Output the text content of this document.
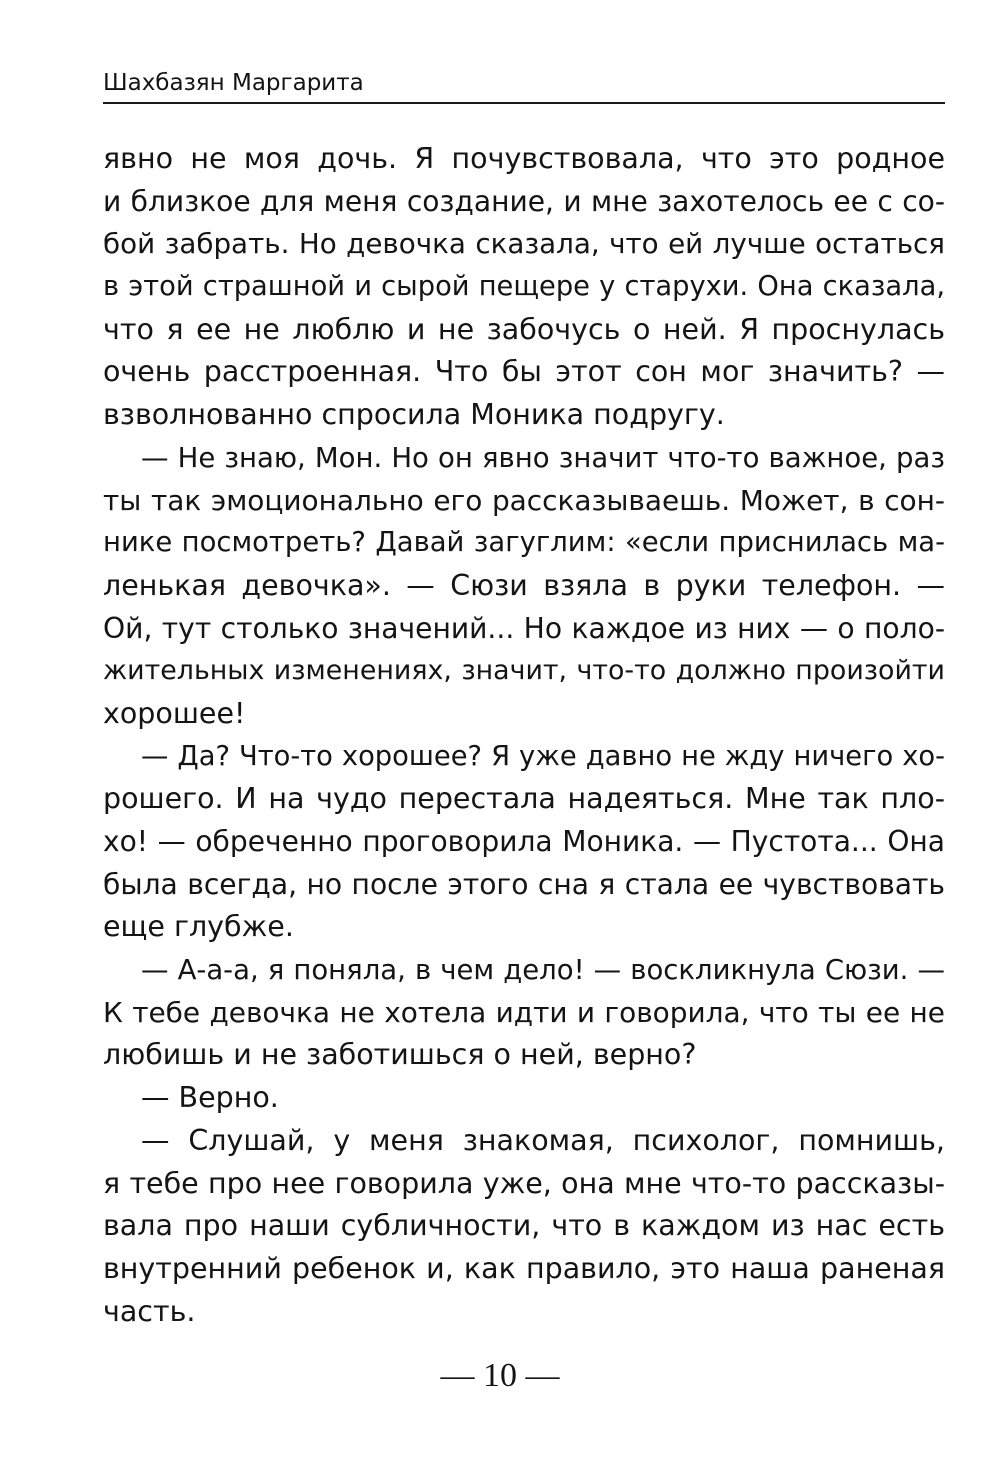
Шахбазян Маргарита
явно не моя дочь. Я почувствовала, что это родное
и близкое для меня создание, и мне захотелось ее с со-
бой забрать. Но девочка сказала, что ей лучше остаться
в этой страшной и сырой пещере у старухи. Она сказала,
что я ее не люблю и не забочусь о ней. Я проснулась
очень расстроенная. Что бы этот сон мог значить? —
взволнованно спросила Моника подругу.
— Не знаю, Мон. Но он явно значит что-то важное, раз
ты так эмоционально его рассказываешь. Может, в сон-
нике посмотреть? Давай загуглим: «если приснилась ма-
ленькая девочка». — Сюзи взяла в руки телефон. —
Ой, тут столько значений... Но каждое из них — о поло-
жительных изменениях, значит, что-то должно произойти
хорошее!
— Да? Что-то хорошее? Я уже давно не жду ничего хо-
рошего. И на чудо перестала надеяться. Мне так пло-
хо! — обреченно проговорила Моника. — Пустота... Она
была всегда, но после этого сна я стала ее чувствовать
еще глубже.
— А-а-а, я поняла, в чем дело! — воскликнула Сюзи. —
К тебе девочка не хотела идти и говорила, что ты ее не
любишь и не заботишься о ней, верно?
— Верно.
— Слушай, у меня знакомая, психолог, помнишь,
я тебе про нее говорила уже, она мне что-то рассказы-
вала про наши субличности, что в каждом из нас есть
внутренний ребенок и, как правило, это наша раненая
часть.
— 10 —
